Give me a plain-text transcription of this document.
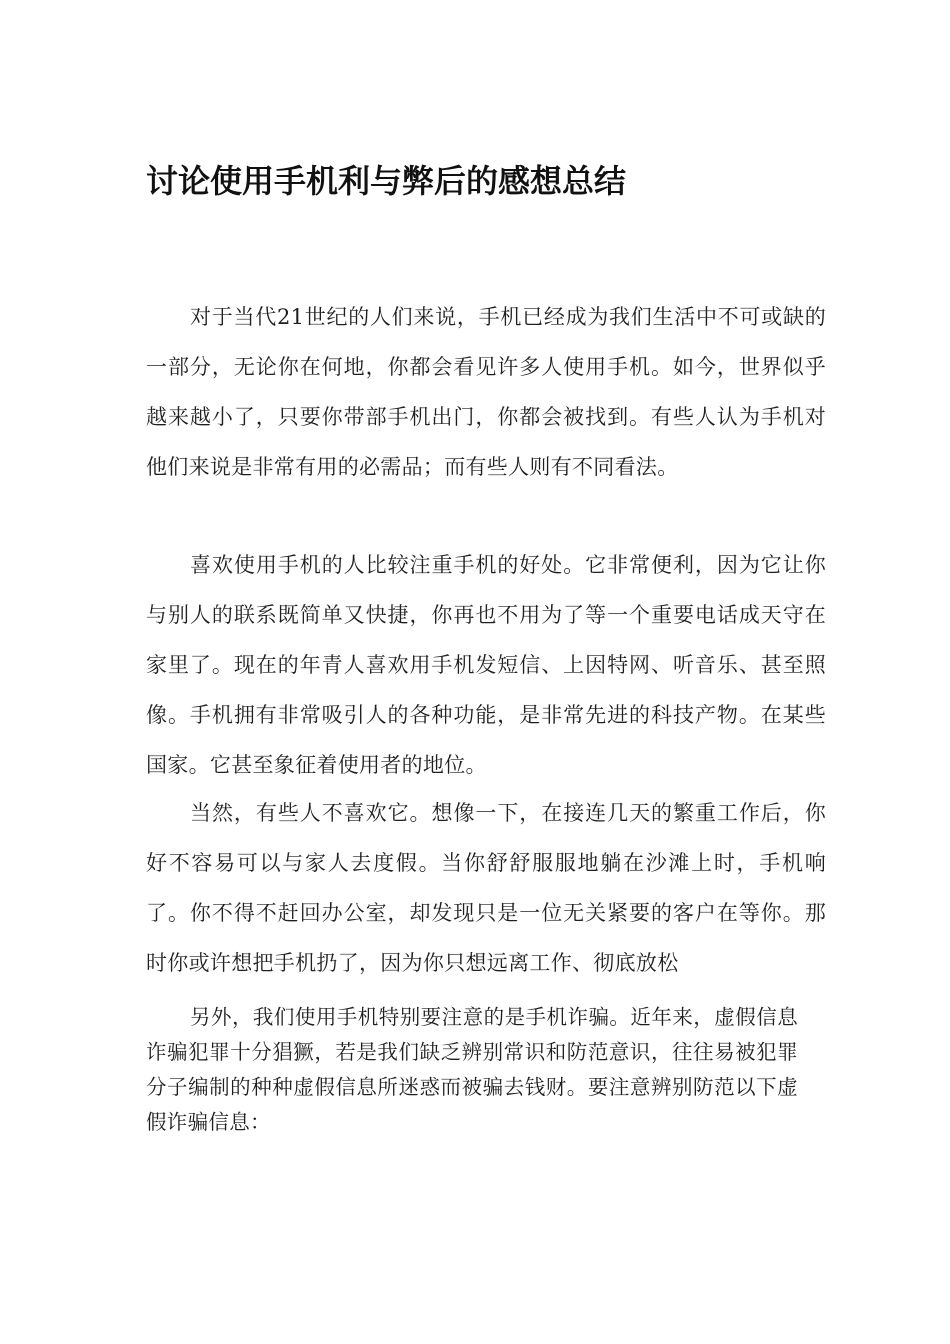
讨论使用手机利与弊后的感想总结

对于当代21世纪的人们来说，手机已经成为我们生活中不可或缺的一部分，无论你在何地，你都会看见许多人使用手机。如今，世界似乎越来越小了，只要你带部手机出门，你都会被找到。有些人认为手机对他们来说是非常有用的必需品；而有些人则有不同看法。

喜欢使用手机的人比较注重手机的好处。它非常便利，因为它让你与别人的联系既简单又快捷，你再也不用为了等一个重要电话成天守在家里了。现在的年青人喜欢用手机发短信、上因特网、听音乐、甚至照像。手机拥有非常吸引人的各种功能，是非常先进的科技产物。在某些国家。它甚至象征着使用者的地位。

当然，有些人不喜欢它。想像一下，在接连几天的繁重工作后，你好不容易可以与家人去度假。当你舒舒服服地躺在沙滩上时，手机响了。你不得不赶回办公室，却发现只是一位无关紧要的客户在等你。那时你或许想把手机扔了，因为你只想远离工作、彻底放松

另外，我们使用手机特别要注意的是手机诈骗。近年来，虚假信息诈骗犯罪十分猖獗，若是我们缺乏辨别常识和防范意识，往往易被犯罪分子编制的种种虚假信息所迷惑而被骗去钱财。要注意辨别防范以下虚假诈骗信息：
